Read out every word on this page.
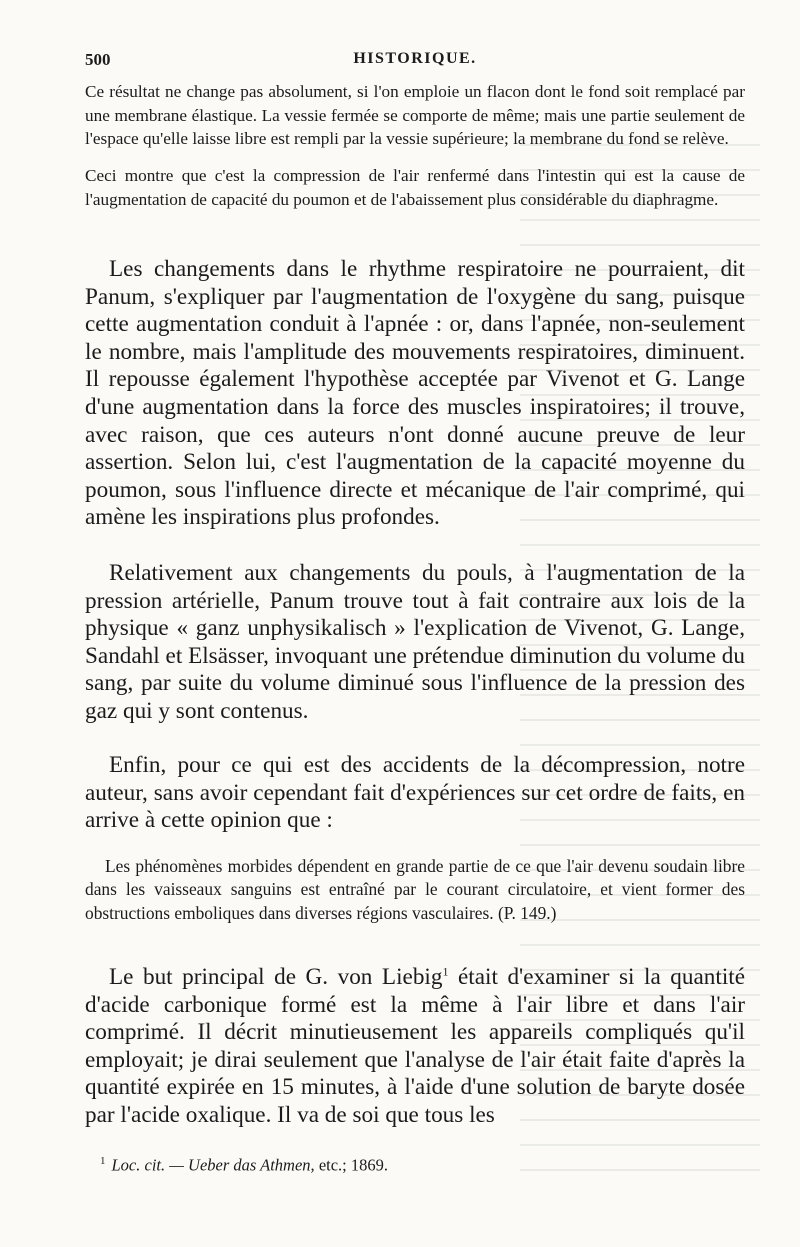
500	HISTORIQUE.

Ce résultat ne change pas absolument, si l'on emploie un flacon dont le fond soit remplacé par une membrane élastique. La vessie fermée se comporte de même; mais une partie seulement de l'espace qu'elle laisse libre est rempli par la vessie supérieure; la membrane du fond se relève.

Ceci montre que c'est la compression de l'air renfermé dans l'intestin qui est la cause de l'augmentation de capacité du poumon et de l'abaissement plus considérable du diaphragme.

Les changements dans le rhythme respiratoire ne pourraient, dit Panum, s'expliquer par l'augmentation de l'oxygène du sang, puisque cette augmentation conduit à l'apnée : or, dans l'apnée, non-seulement le nombre, mais l'amplitude des mouvements respiratoires, diminuent. Il repousse également l'hypothèse acceptée par Vivenot et G. Lange d'une augmentation dans la force des muscles inspiratoires; il trouve, avec raison, que ces auteurs n'ont donné aucune preuve de leur assertion. Selon lui, c'est l'augmentation de la capacité moyenne du poumon, sous l'influence directe et mécanique de l'air comprimé, qui amène les inspirations plus profondes.

Relativement aux changements du pouls, à l'augmentation de la pression artérielle, Panum trouve tout à fait contraire aux lois de la physique « ganz unphysikalisch » l'explication de Vivenot, G. Lange, Sandahl et Elsässer, invoquant une prétendue diminution du volume du sang, par suite du volume diminué sous l'influence de la pression des gaz qui y sont contenus.

Enfin, pour ce qui est des accidents de la décompression, notre auteur, sans avoir cependant fait d'expériences sur cet ordre de faits, en arrive à cette opinion que :

Les phénomènes morbides dépendent en grande partie de ce que l'air devenu soudain libre dans les vaisseaux sanguins est entraîné par le courant circulatoire, et vient former des obstructions emboliques dans diverses régions vasculaires. (P. 149.)

Le but principal de G. von Liebig$^1$ était d'examiner si la quantité d'acide carbonique formé est la même à l'air libre et dans l'air comprimé. Il décrit minutieusement les appareils compliqués qu'il employait; je dirai seulement que l'analyse de l'air était faite d'après la quantité expirée en 15 minutes, à l'aide d'une solution de baryte dosée par l'acide oxalique. Il va de soi que tous les

$^1$ Loc. cit. — Ueber das Athmen, etc.; 1869.
